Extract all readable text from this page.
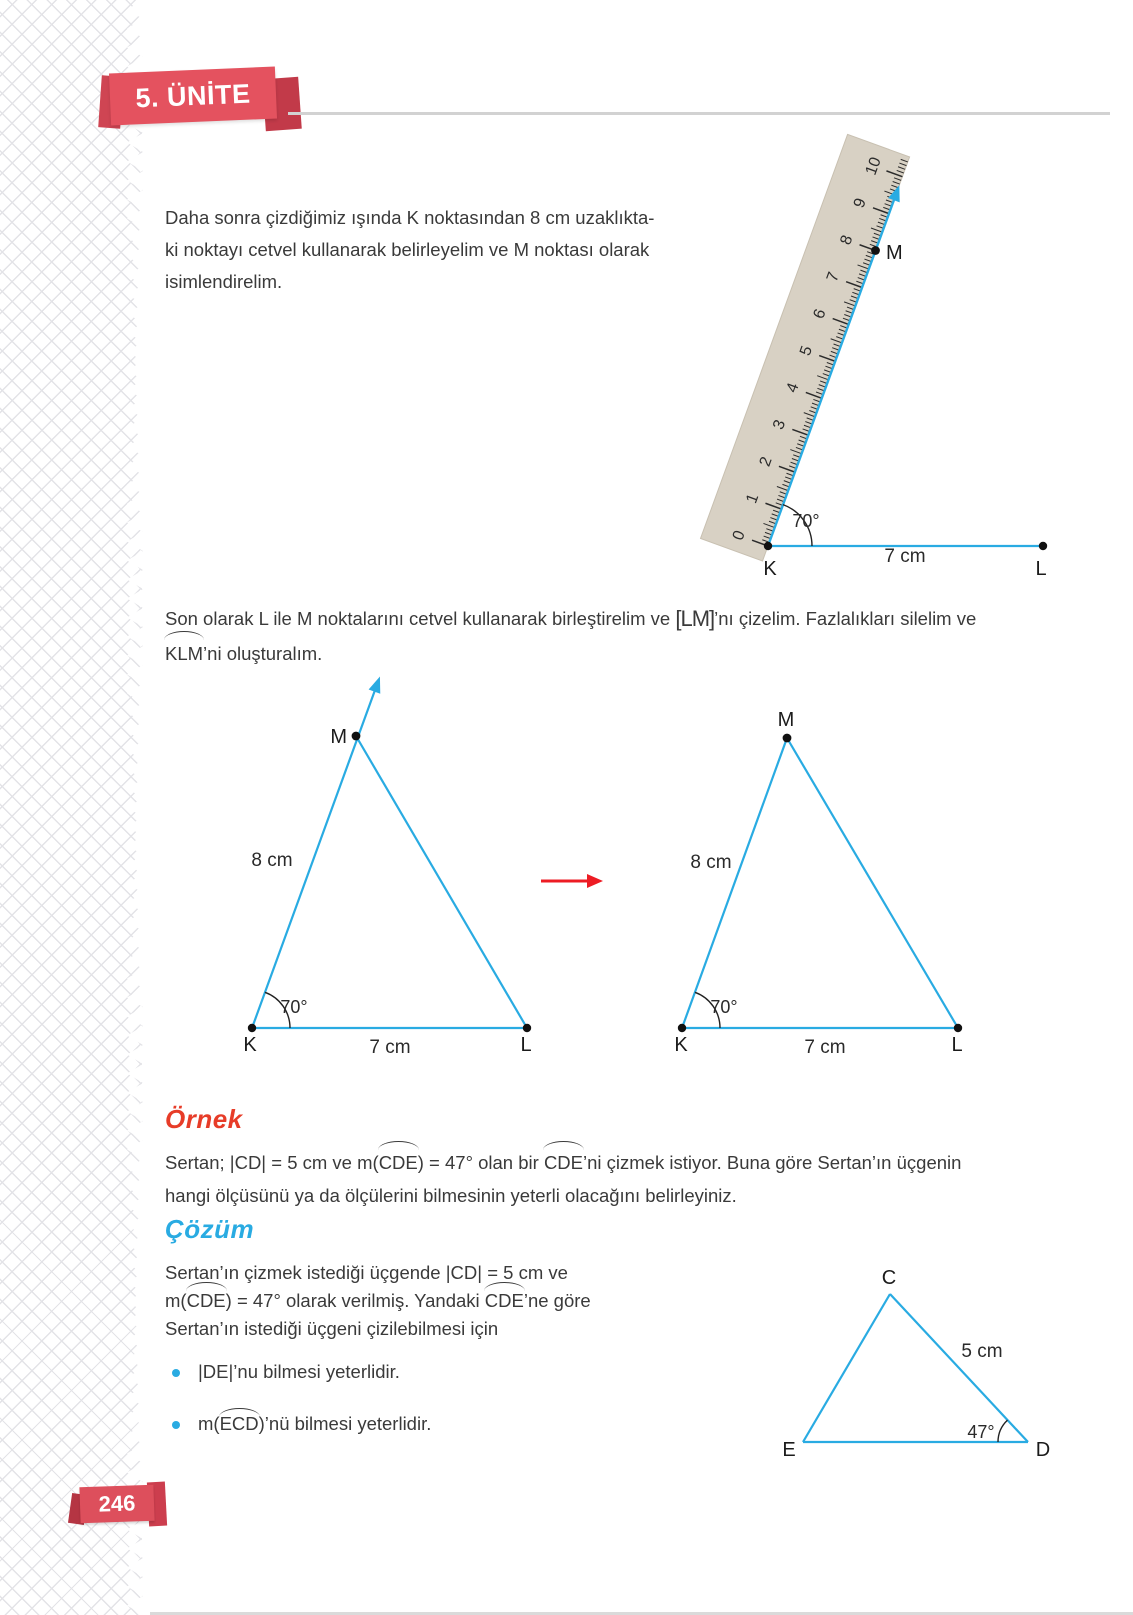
5. ÜNİTE
Daha sonra çizdiğimiz ışında K noktasından 8 cm uzaklıkta-
ki noktayı cetvel kullanarak belirleyelim ve M noktası olarak
isimlendirelim.
Son olarak L ile M noktalarını cetvel kullanarak birleştirelim ve [LM]’nı çizelim. Fazlalıkları silelim ve
KLM’ni oluşturalım.
Örnek
Sertan; |CD| = 5 cm ve m(CDE) = 47° olan bir CDE’ni çizmek istiyor. Buna göre Sertan’ın üçgenin
hangi ölçüsünü ya da ölçülerini bilmesinin yeterli olacağını belirleyiniz.
Çözüm
Sertan’ın çizmek istediği üçgende |CD| = 5 cm ve
m(CDE) = 47° olarak verilmiş. Yandaki CDE’ne göre
Sertan’ın istediği üçgeni çizilebilmesi için
|DE|’nu bilmesi yeterlidir.
m(ECD)’nü bilmesi yeterlidir.
0
1
2
3
4
5
6
7
8
9
10
70°
K	L
M
7 cm
70°
8 cm
M
K	L
7 cm
70°
8 cm
M
K	L
7 cm
C
E	D
5 cm
47°
246
